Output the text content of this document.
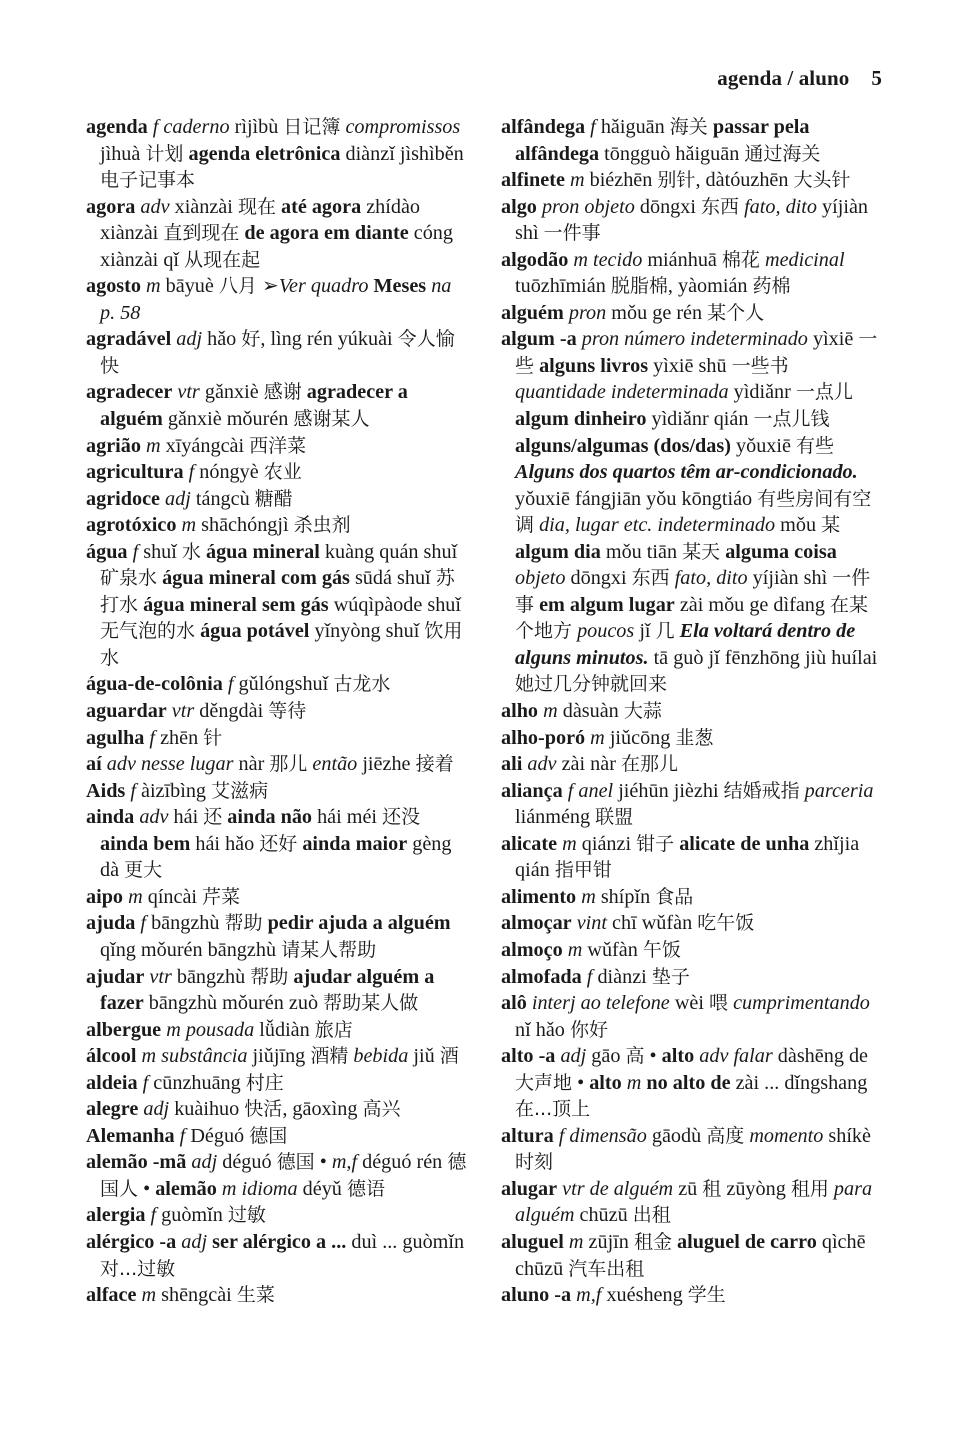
agenda / aluno 5

agenda f caderno rìjìbù 日记簿 compromissos jìhuà 计划 agenda eletrônica diànzǐ jìshìběn 电子记事本

agora adv xiànzài 现在 até agora zhídào xiànzài 直到现在 de agora em diante cóng xiànzài qǐ 从现在起

agosto m bāyuè 八月 ➢Ver quadro Meses na p. 58

agradável adj hǎo 好, lìng rén yúkuài 令人愉快

agradecer vtr gǎnxiè 感谢 agradecer a alguém gǎnxiè mǒurén 感谢某人

agrião m xīyángcài 西洋菜

agricultura f nóngyè 农业

agridoce adj tángcù 糖醋

agrotóxico m shāchóngjì 杀虫剂

água f shuǐ 水 água mineral kuàng quán shuǐ 矿泉水 água mineral com gás sūdá shuǐ 苏打水 água mineral sem gás wúqìpàode shuǐ 无气泡的水 água potável yǐnyòng shuǐ 饮用水

água-de-colônia f gǔlóngshuǐ 古龙水

aguardar vtr děngdài 等待

agulha f zhēn 针

aí adv nesse lugar nàr 那儿 então jiēzhe 接着

Aids f àizībìng 艾滋病

ainda adv hái 还 ainda não hái méi 还没 ainda bem hái hǎo 还好 ainda maior gèng dà 更大

aipo m qíncài 芹菜

ajuda f bāngzhù 帮助 pedir ajuda a alguém qǐng mǒurén bāngzhù 请某人帮助

ajudar vtr bāngzhù 帮助 ajudar alguém a fazer bāngzhù mǒurén zuò 帮助某人做

albergue m pousada lǚdiàn 旅店

álcool m substância jiǔjīng 酒精 bebida jiǔ 酒

aldeia f cūnzhuāng 村庄

alegre adj kuàihuo 快活, gāoxìng 高兴

Alemanha f Déguó 德国

alemão -mã adj déguó 德国 • m,f déguó rén 德国人 • alemão m idioma déyǔ 德语

alergia f guòmǐn 过敏

alérgico -a adj ser alérgico a ... duì ... guòmǐn 对...过敏

alface m shēngcài 生菜

alfândega f hǎiguān 海关 passar pela alfândega tōngguò hǎiguān 通过海关

alfinete m biézhēn 别针, dàtóuzhēn 大头针

algo pron objeto dōngxi 东西 fato, dito yíjiàn shì 一件事

algodão m tecido miánhuā 棉花 medicinal tuōzhīmián 脱脂棉, yàomián 药棉

alguém pron mǒu ge rén 某个人

algum -a pron número indeterminado yìxiē 一些 alguns livros yìxiē shū 一些书 quantidade indeterminada yìdiǎnr 一点儿 algum dinheiro yìdiǎnr qián 一点儿钱 alguns/algumas (dos/das) yǒuxiē 有些 Alguns dos quartos têm ar-condicionado. yǒuxiē fángjiān yǒu kōngtiáo 有些房间有空调 dia, lugar etc. indeterminado mǒu 某 algum dia mǒu tiān 某天 alguma coisa objeto dōngxi 东西 fato, dito yíjiàn shì 一件事 em algum lugar zài mǒu ge dìfang 在某个地方 poucos jǐ 几 Ela voltará dentro de alguns minutos. tā guò jǐ fēnzhōng jiù huílai 她过几分钟就回来

alho m dàsuàn 大蒜

alho-poró m jiǔcōng 韭葱

ali adv zài nàr 在那儿

aliança f anel jiéhūn jièzhi 结婚戒指 parceria liánméng 联盟

alicate m qiánzi 钳子 alicate de unha zhǐjia qián 指甲钳

alimento m shípǐn 食品

almoçar vint chī wǔfàn 吃午饭

almoço m wǔfàn 午饭

almofada f diànzi 垫子

alô interj ao telefone wèi 喂 cumprimentando nǐ hǎo 你好

alto -a adj gāo 高 • alto adv falar dàshēng de 大声地 • alto m no alto de zài ... dǐngshang 在...顶上

altura f dimensão gāodù 高度 momento shíkè 时刻

alugar vtr de alguém zū 租 zūyòng 租用 para alguém chūzū 出租

aluguel m zūjīn 租金 aluguel de carro qìchē chūzū 汽车出租

aluno -a m,f xuésheng 学生
